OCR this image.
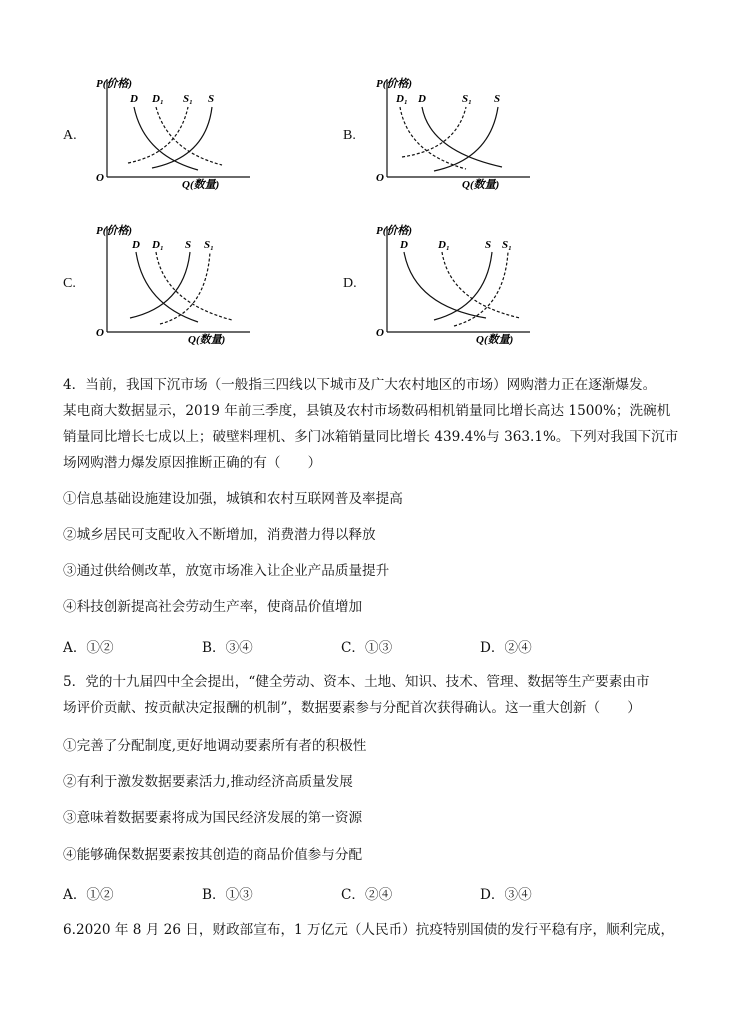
A.
P(价格)
O
Q(数量)
D D₁ S₁ S
B.
P(价格)
O
Q(数量)
D₁ D	S₁ S
C.
P(价格)
O
Q(数量)
D D₁ S S₁
D.
P(价格)
O
Q(数量)
D	D₁	S S₁
4．当前，我国下沉市场（一般指三四线以下城市及广大农村地区的市场）网购潜力正在逐渐爆发。
某电商大数据显示，2019 年前三季度，县镇及农村市场数码相机销量同比增长高达 1500%；洗碗机
销量同比增长七成以上；破壁料理机、多门冰箱销量同比增长 439.4%与 363.1%。下列对我国下沉市
场网购潜力爆发原因推断正确的有（　　）
①信息基础设施建设加强，城镇和农村互联网普及率提高
②城乡居民可支配收入不断增加，消费潜力得以释放
③通过供给侧改革，放宽市场准入让企业产品质量提升
④科技创新提高社会劳动生产率，使商品价值增加
A．①②	B．③④	C．①③	D．②④
5．党的十九届四中全会提出，“健全劳动、资本、土地、知识、技术、管理、数据等生产要素由市
场评价贡献、按贡献决定报酬的机制”，数据要素参与分配首次获得确认。这一重大创新（　　）
①完善了分配制度,更好地调动要素所有者的积极性
②有利于激发数据要素活力,推动经济高质量发展
③意味着数据要素将成为国民经济发展的第一资源
④能够确保数据要素按其创造的商品价值参与分配
A．①②	B．①③	C．②④	D．③④
6.2020 年 8 月 26 日，财政部宣布，1 万亿元（人民币）抗疫特别国债的发行平稳有序，顺利完成，
